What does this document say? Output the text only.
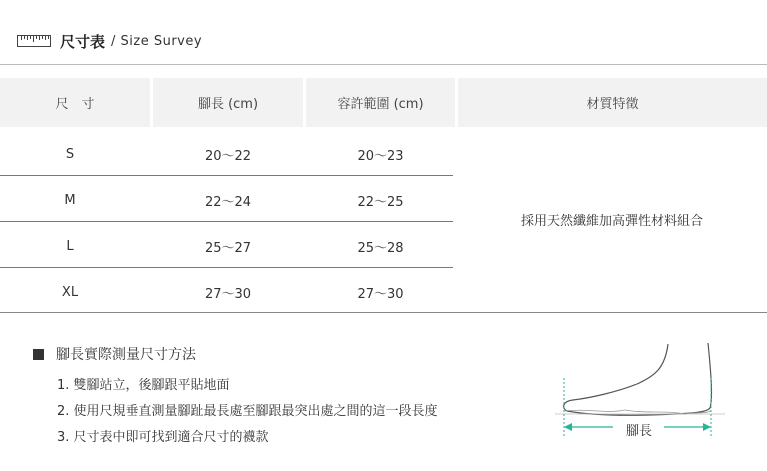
尺寸表 / Size Survey
尺　寸	腳長 (cm)	容許範圍 (cm)	材質特徵
S	20～22	20～23
M	22～24	22～25
L	25～27	25～28
XL	27～30	27～30
採用天然纖維加高彈性材料組合
腳長實際測量尺寸方法
1. 雙腳站立，後腳跟平貼地面
2. 使用尺規垂直測量腳趾最長處至腳跟最突出處之間的這一段長度
3. 尺寸表中即可找到適合尺寸的襪款	腳長
